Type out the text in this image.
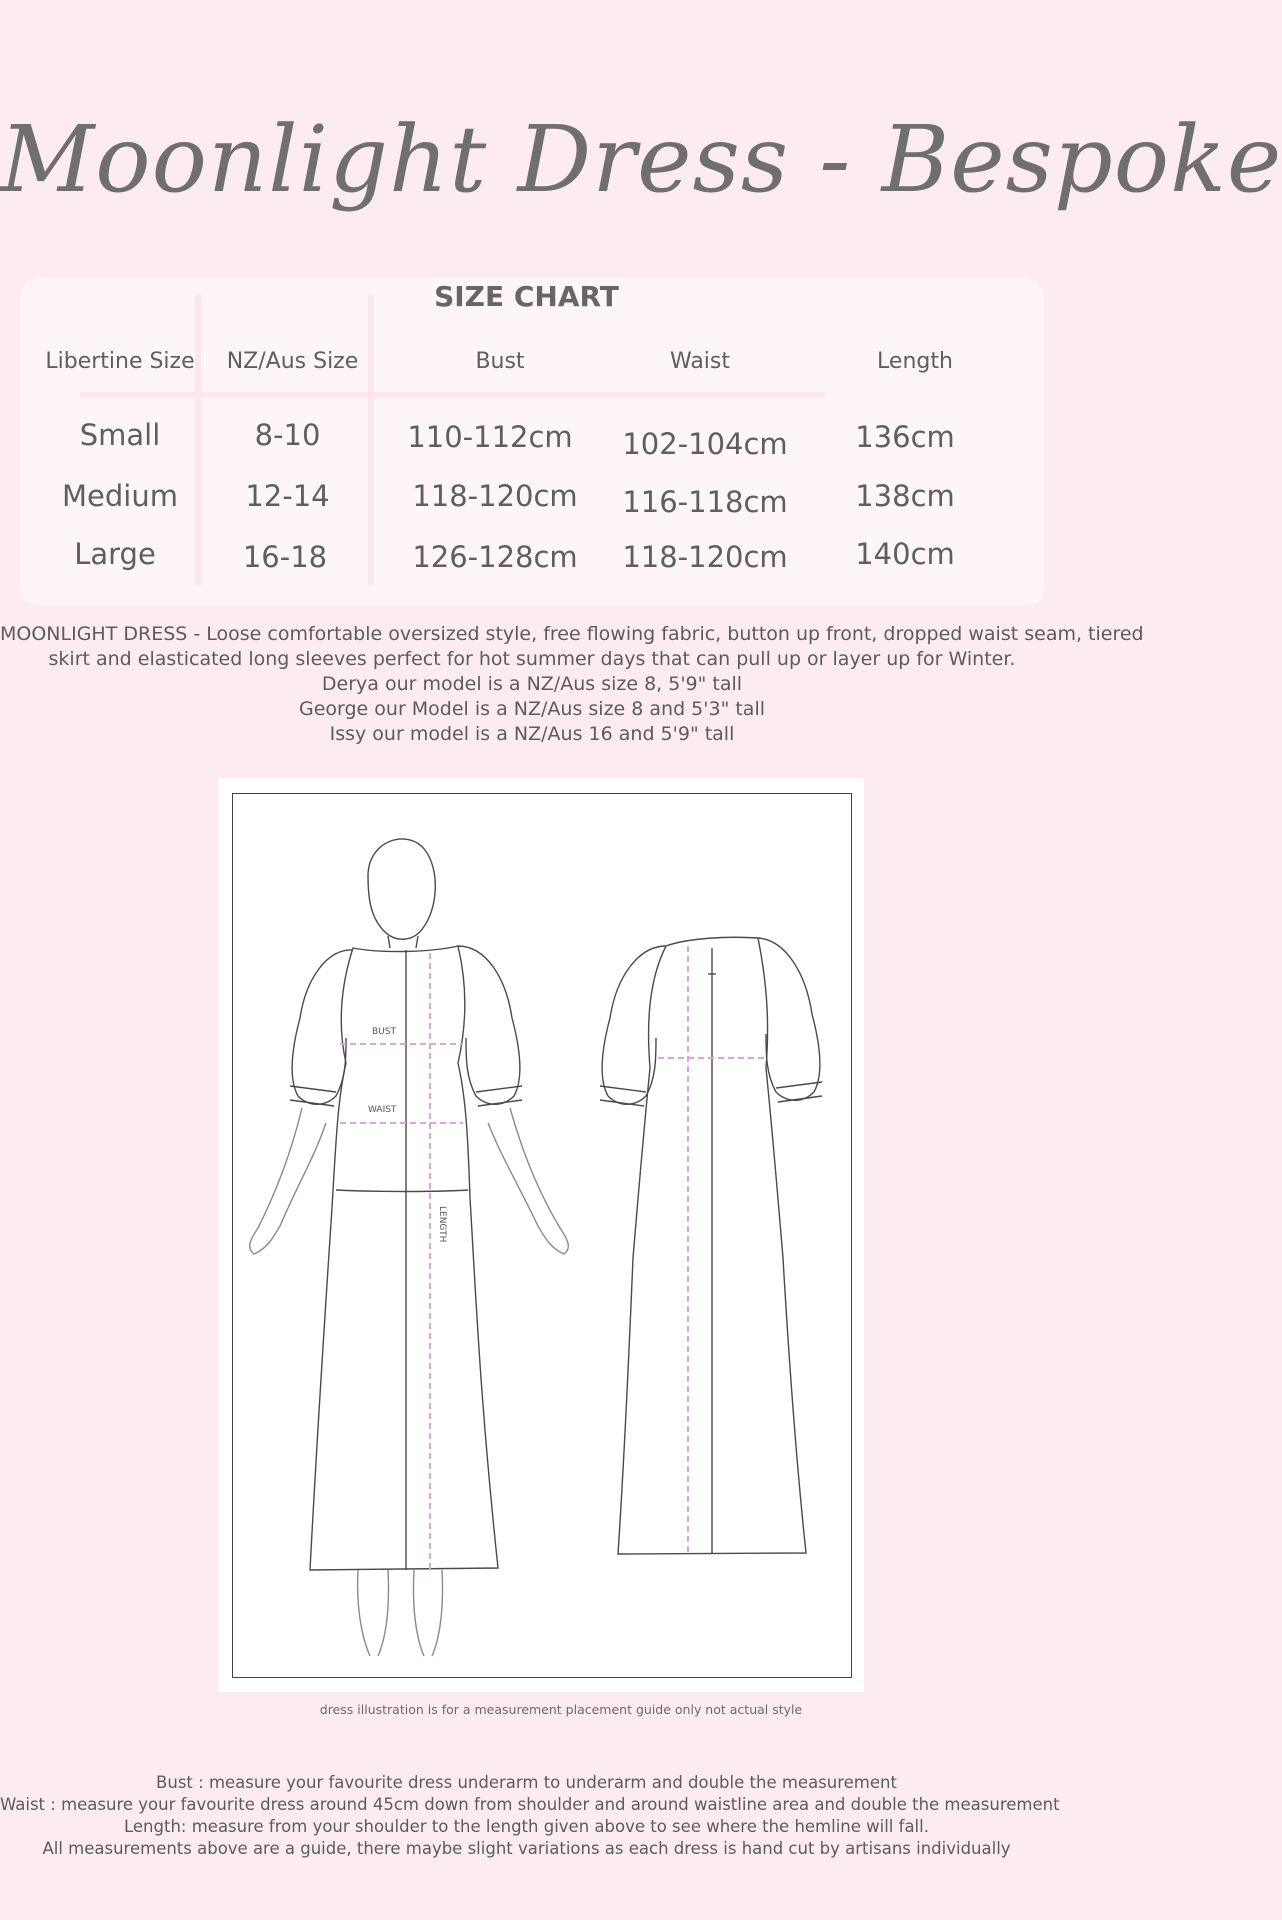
Moonlight Dress - Bespoke
SIZE CHART
Libertine Size	NZ/Aus Size	Bust	Waist	Length
Small	8-10	110-112cm	102-104cm	136cm
Medium	12-14	118-120cm	116-118cm	138cm
Large	16-18	126-128cm	118-120cm	140cm
MOONLIGHT DRESS - Loose comfortable oversized style, free flowing fabric, button up front, dropped waist seam, tiered
skirt and elasticated long sleeves perfect for hot summer days that can pull up or layer up for Winter.
Derya our model is a NZ/Aus size 8, 5'9" tall
George our Model is a NZ/Aus size 8 and 5'3" tall
Issy our model is a NZ/Aus 16 and 5'9" tall
BUST
WAIST
LENGTH
dress illustration is for a measurement placement guide only not actual style
Bust : measure your favourite dress underarm to underarm and double the measurement
Waist : measure your favourite dress around 45cm down from shoulder and around waistline area and double the measurement
Length: measure from your shoulder to the length given above to see where the hemline will fall.
All measurements above are a guide, there maybe slight variations as each dress is hand cut by artisans individually
